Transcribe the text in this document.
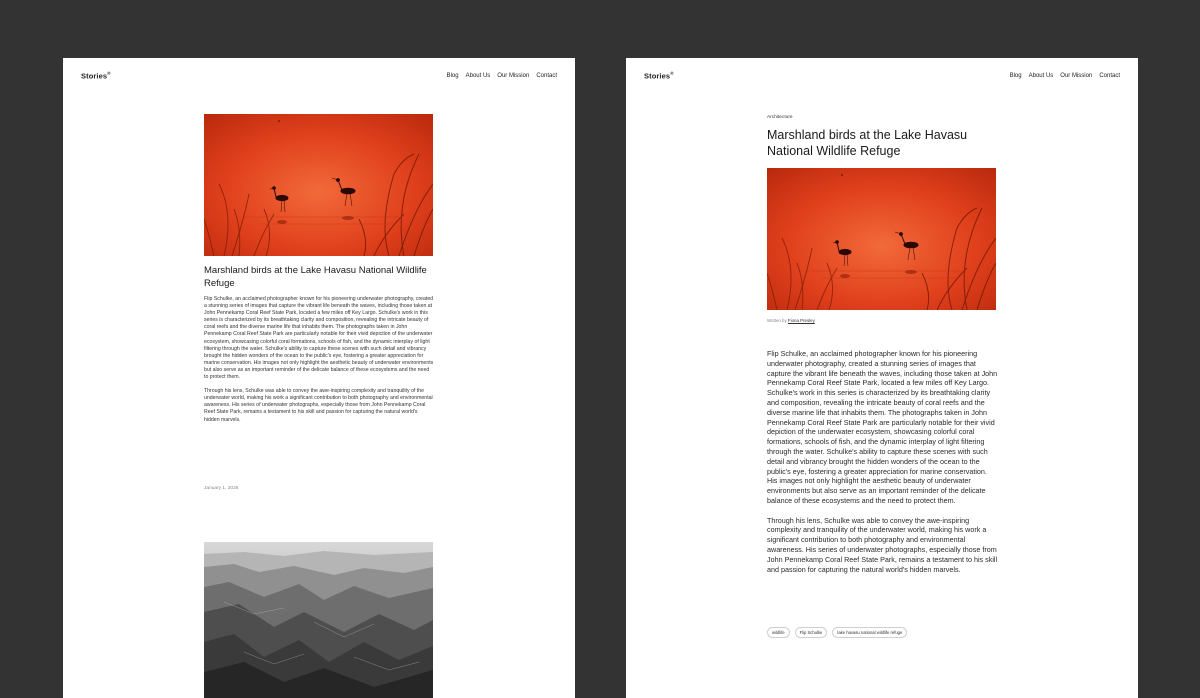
Stories®	Blog About Us Our Mission Contact
Marshland birds at the Lake Havasu National Wildlife Refuge

Flip Schulke, an acclaimed photographer known for his pioneering underwater photography, created a stunning series of images that capture the vibrant life beneath the waves, including those taken at John Pennekamp Coral Reef State Park, located a few miles off Key Largo. Schulke's work in this series is characterized by its breathtaking clarity and composition, revealing the intricate beauty of coral reefs and the diverse marine life that inhabits them. The photographs taken in John Pennekamp Coral Reef State Park are particularly notable for their vivid depiction of the underwater ecosystem, showcasing colorful coral formations, schools of fish, and the dynamic interplay of light filtering through the water. Schulke's ability to capture these scenes with such detail and vibrancy brought the hidden wonders of the ocean to the public's eye, fostering a greater appreciation for marine conservation. His images not only highlight the aesthetic beauty of underwater environments but also serve as an important reminder of the delicate balance of these ecosystems and the need to protect them.

Through his lens, Schulke was able to convey the awe-inspiring complexity and tranquility of the underwater world, making his work a significant contribution to both photography and environmental awareness. His series of underwater photographs, especially those from John Pennekamp Coral Reef State Park, remains a testament to his skill and passion for capturing the natural world's hidden marvels.

January 1, 2025
Stories®	Blog About Us Our Mission Contact
Architecture
Marshland birds at the Lake Havasu National Wildlife Refuge
Written by Fiona Presley

Flip Schulke, an acclaimed photographer known for his pioneering underwater photography, created a stunning series of images that capture the vibrant life beneath the waves, including those taken at John Pennekamp Coral Reef State Park, located a few miles off Key Largo. Schulke's work in this series is characterized by its breathtaking clarity and composition, revealing the intricate beauty of coral reefs and the diverse marine life that inhabits them. The photographs taken in John Pennekamp Coral Reef State Park are particularly notable for their vivid depiction of the underwater ecosystem, showcasing colorful coral formations, schools of fish, and the dynamic interplay of light filtering through the water. Schulke's ability to capture these scenes with such detail and vibrancy brought the hidden wonders of the ocean to the public's eye, fostering a greater appreciation for marine conservation. His images not only highlight the aesthetic beauty of underwater environments but also serve as an important reminder of the delicate balance of these ecosystems and the need to protect them.

Through his lens, Schulke was able to convey the awe-inspiring complexity and tranquility of the underwater world, making his work a significant contribution to both photography and environmental awareness. His series of underwater photographs, especially those from John Pennekamp Coral Reef State Park, remains a testament to his skill and passion for capturing the natural world's hidden marvels.

wildlife	Flip Schulke	lake havasu national wildlife refuge
